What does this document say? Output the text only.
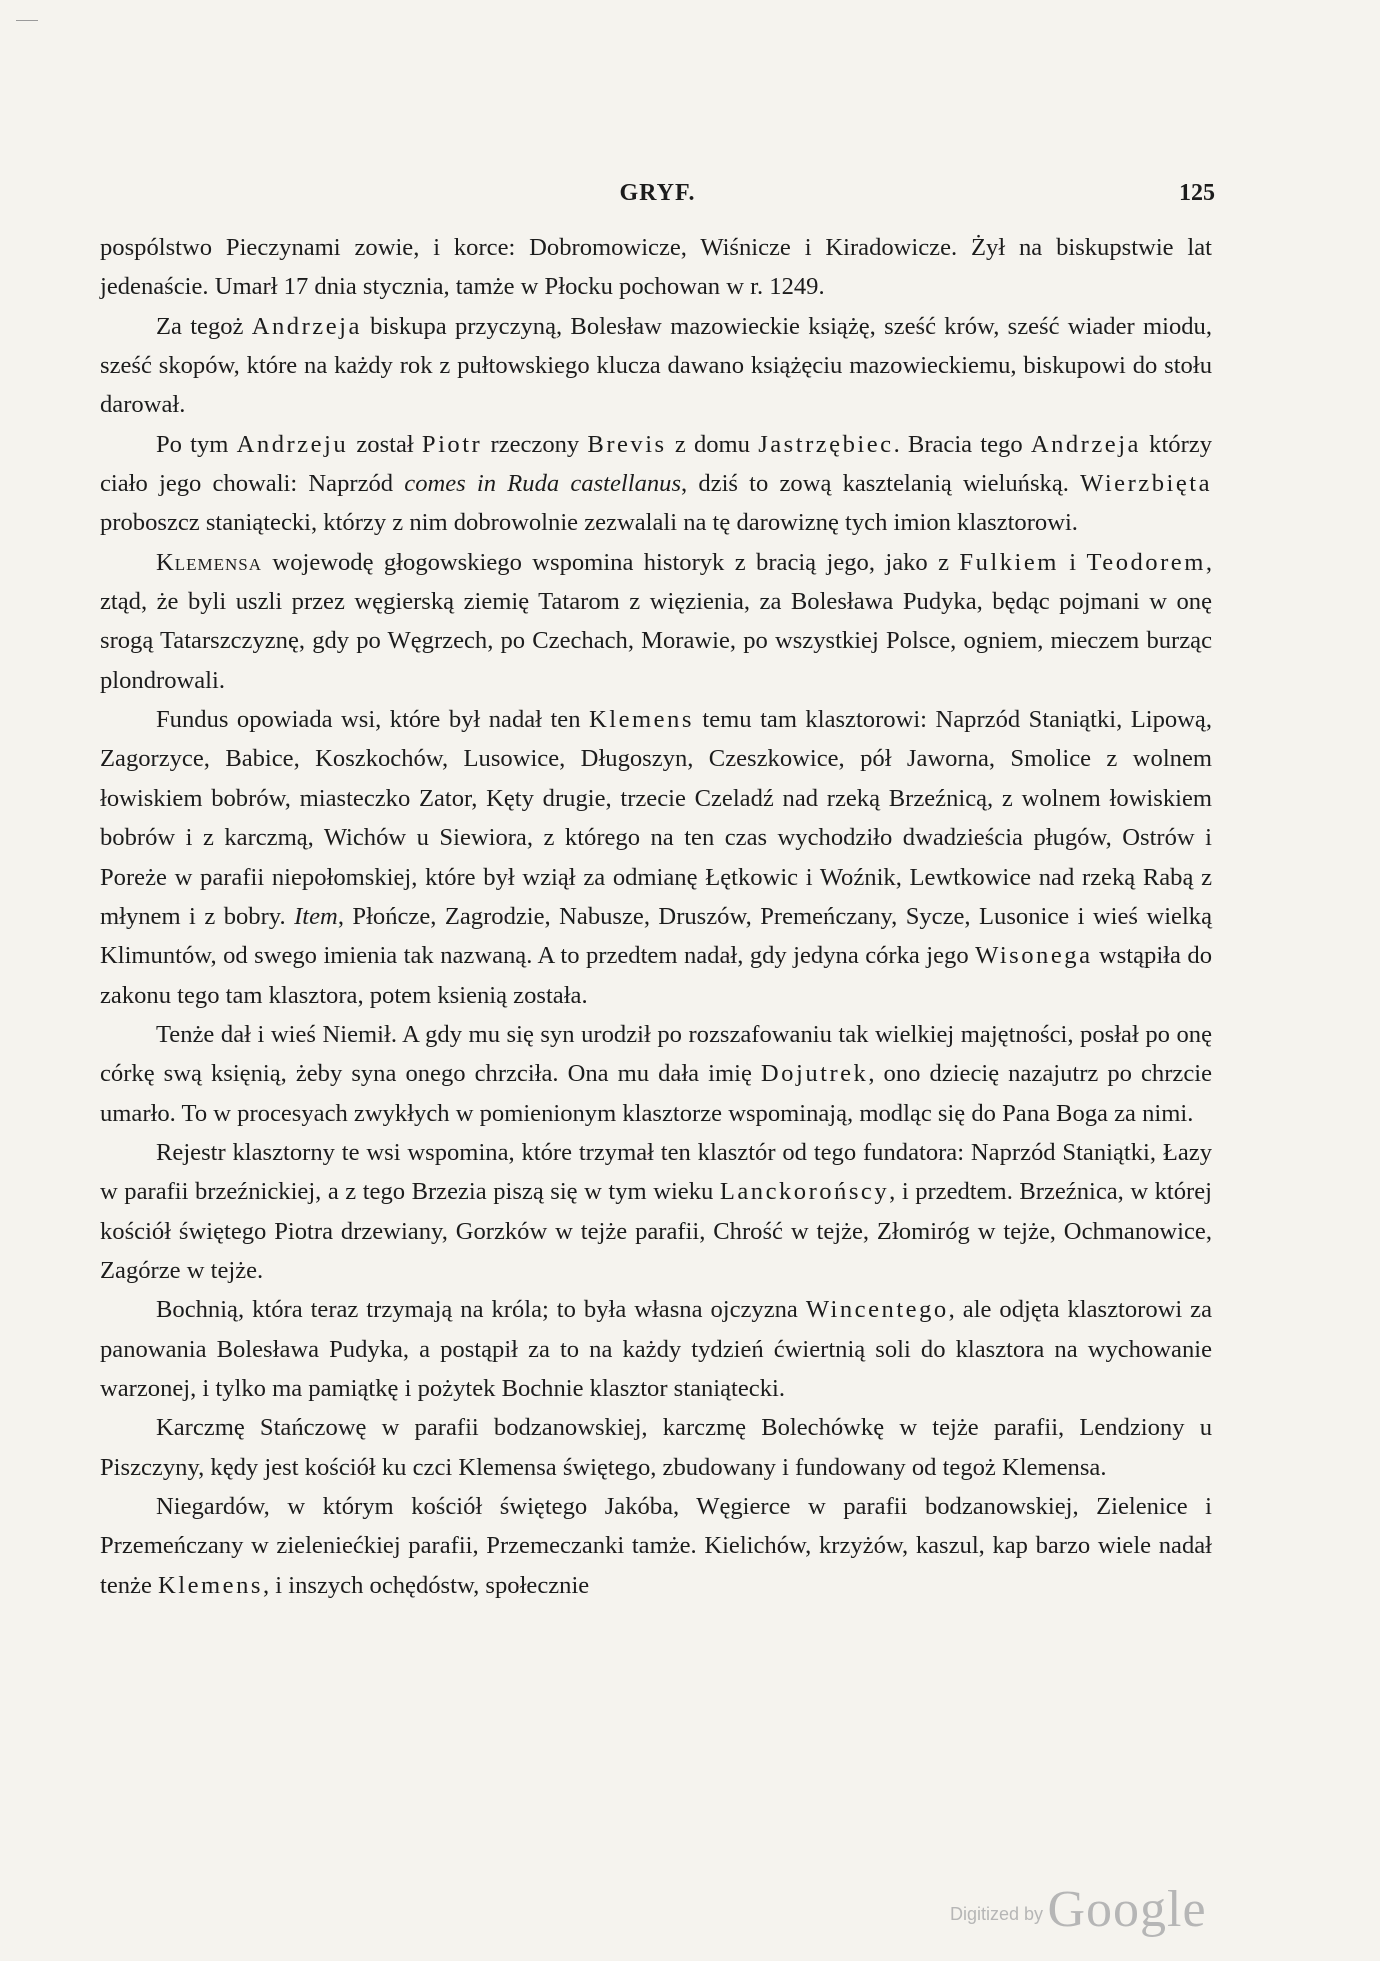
GRYF.	125

pospólstwo Pieczynami zowie, i korce: Dobromowicze, Wiśnicze i Kiradowicze. Żył na biskupstwie lat jedenaście. Umarł 17 dnia stycznia, tamże w Płocku pochowan w r. 1249.

Za tegoż Andrzeja biskupa przyczyną, Bolesław mazowieckie książę, sześć krów, sześć wiader miodu, sześć skopów, które na każdy rok z pułtowskiego klucza dawano książęciu mazowieckiemu, biskupowi do stołu darował.

Po tym Andrzeju został Piotr rzeczony Brevis z domu Jastrzębiec. Bracia tego Andrzeja którzy ciało jego chowali: Naprzód comes in Ruda castellanus, dziś to zową kasztelanią wieluńską. Wierzbięta proboszcz staniątecki, którzy z nim dobrowolnie zezwalali na tę darowiznę tych imion klasztorowi.

Klemensa wojewodę głogowskiego wspomina historyk z bracią jego, jako z Fulkiem i Teodorem, ztąd, że byli uszli przez węgierską ziemię Tatarom z więzienia, za Bolesława Pudyka, będąc pojmani w onę srogą Tatarszczyznę, gdy po Węgrzech, po Czechach, Morawie, po wszystkiej Polsce, ogniem, mieczem burząc plondrowali.

Fundus opowiada wsi, które był nadał ten Klemens temu tam klasztorowi: Naprzód Staniątki, Lipową, Zagorzyce, Babice, Koszkochów, Lusowice, Długoszyn, Czeszkowice, pół Jaworna, Smolice z wolnem łowiskiem bobrów, miasteczko Zator, Kęty drugie, trzecie Czeladź nad rzeką Brzeźnicą, z wolnem łowiskiem bobrów i z karczmą, Wichów u Siewiora, z którego na ten czas wychodziło dwadzieścia pługów, Ostrów i Poreże w parafii niepołomskiej, które był wziął za odmianę Łętkowic i Woźnik, Lewtkowice nad rzeką Rabą z młynem i z bobry. Item, Płończe, Zagrodzie, Nabusze, Druszów, Premeńczany, Sycze, Lusonice i wieś wielką Klimuntów, od swego imienia tak nazwaną. A to przedtem nadał, gdy jedyna córka jego Wisonega wstąpiła do zakonu tego tam klasztora, potem ksienią została.

Tenże dał i wieś Niemił. A gdy mu się syn urodził po rozszafowaniu tak wielkiej majętności, posłał po onę córkę swą księnią, żeby syna onego chrzciła. Ona mu dała imię Dojutrek, ono dziecię nazajutrz po chrzcie umarło. To w procesyach zwykłych w pomienionym klasztorze wspominają, modląc się do Pana Boga za nimi.

Rejestr klasztorny te wsi wspomina, które trzymał ten klasztór od tego fundatora: Naprzód Staniątki, Łazy w parafii brzeźnickiej, a z tego Brzezia piszą się w tym wieku Lanckorońscy, i przedtem. Brzeźnica, w której kościół świętego Piotra drzewiany, Gorzków w tejże parafii, Chrość w tejże, Złomiróg w tejże, Ochmanowice, Zagórze w tejże.

Bochnią, która teraz trzymają na króla; to była własna ojczyzna Wincentego, ale odjęta klasztorowi za panowania Bolesława Pudyka, a postąpił za to na każdy tydzień ćwiertnią soli do klasztora na wychowanie warzonej, i tylko ma pamiątkę i pożytek Bochnie klasztor staniątecki.

Karczmę Stańczowę w parafii bodzanowskiej, karczmę Bolechówkę w tejże parafii, Lendziony u Piszczyny, kędy jest kościół ku czci Klemensa świętego, zbudowany i fundowany od tegoż Klemensa.

Niegardów, w którym kościół świętego Jakóba, Węgierce w parafii bodzanowskiej, Zielenice i Przemeńczany w zieleniećkiej parafii, Przemeczanki tamże. Kielichów, krzyżów, kaszul, kap barzo wiele nadał tenże Klemens, i inszych ochędóstw, społecznie

Digitized by Google
